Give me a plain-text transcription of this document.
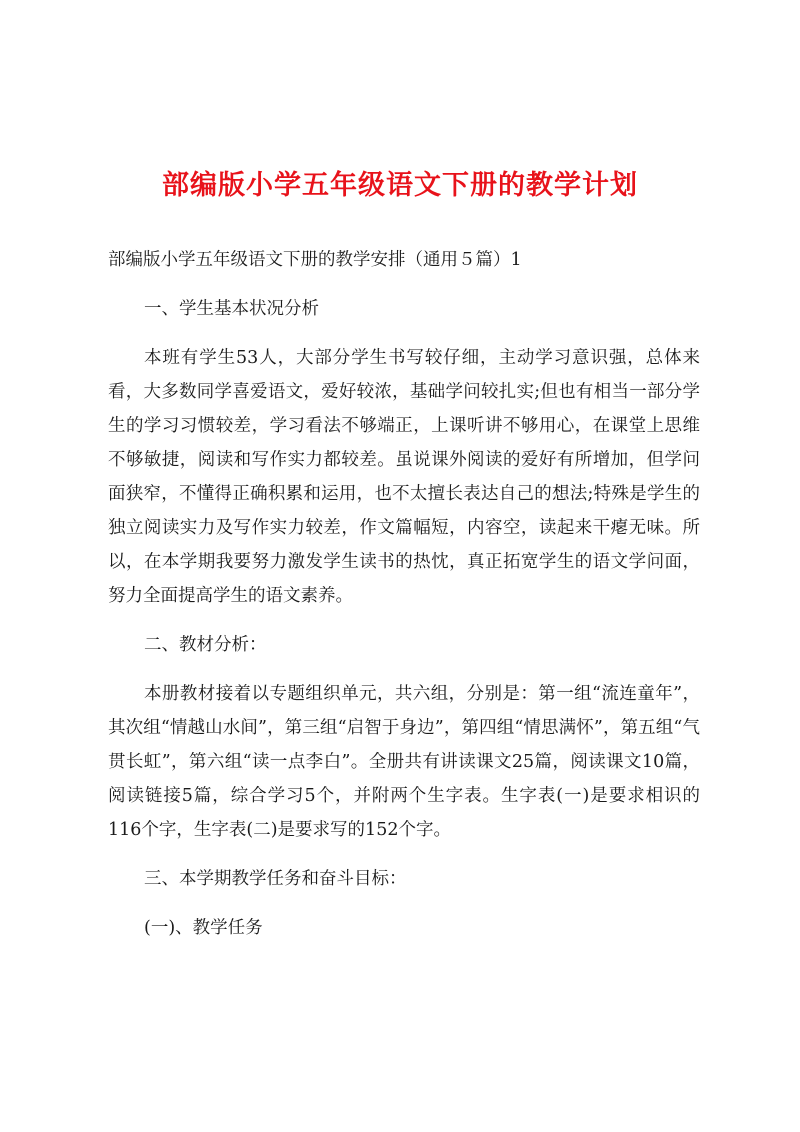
部编版小学五年级语文下册的教学计划

部编版小学五年级语文下册的教学安排（通用５篇）1

一、学生基本状况分析

本班有学生53人，大部分学生书写较仔细，主动学习意识强，总体来看，大多数同学喜爱语文，爱好较浓，基础学问较扎实;但也有相当一部分学生的学习习惯较差，学习看法不够端正，上课听讲不够用心，在课堂上思维不够敏捷，阅读和写作实力都较差。虽说课外阅读的爱好有所增加，但学问面狭窄，不懂得正确积累和运用，也不太擅长表达自己的想法;特殊是学生的独立阅读实力及写作实力较差，作文篇幅短，内容空，读起来干瘪无味。所以，在本学期我要努力激发学生读书的热忱，真正拓宽学生的语文学问面，努力全面提高学生的语文素养。

二、教材分析：

本册教材接着以专题组织单元，共六组，分别是：第一组“流连童年”，其次组“情越山水间”，第三组“启智于身边”，第四组“情思满怀”，第五组“气贯长虹”，第六组“读一点李白”。全册共有讲读课文25篇，阅读课文10篇，阅读链接5篇，综合学习5个，并附两个生字表。生字表(一)是要求相识的116个字，生字表(二)是要求写的152个字。

三、本学期教学任务和奋斗目标：

(一)、教学任务
